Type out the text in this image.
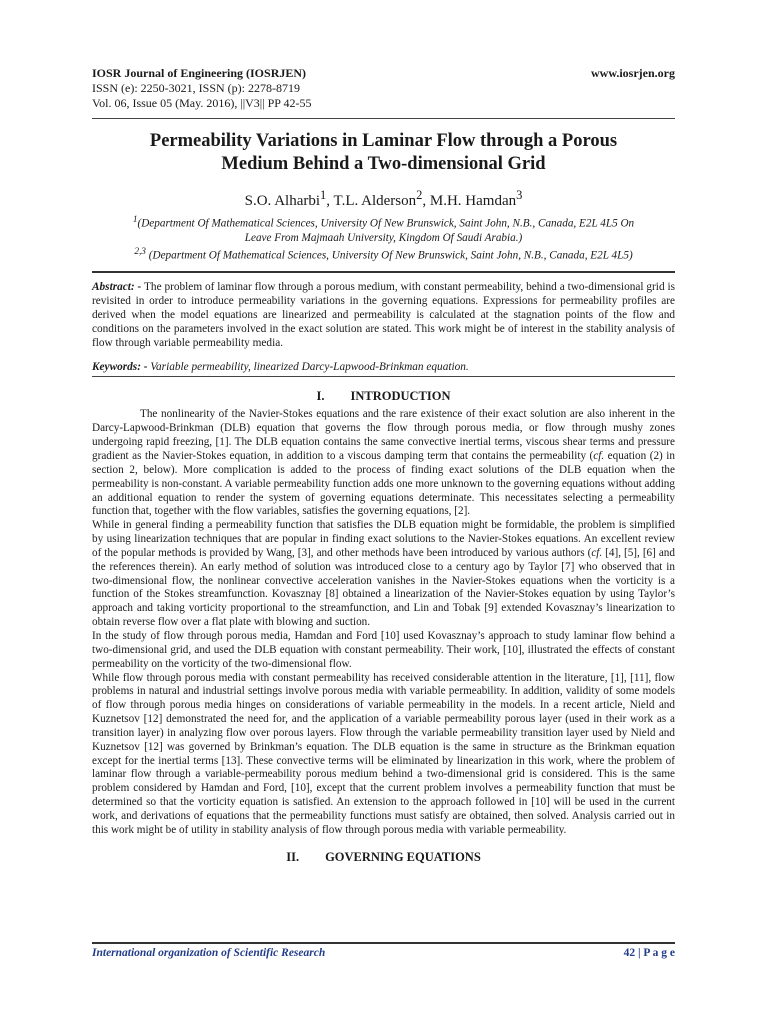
IOSR Journal of Engineering (IOSRJEN)	www.iosrjen.org
ISSN (e): 2250-3021, ISSN (p): 2278-8719
Vol. 06, Issue 05 (May. 2016), ||V3|| PP 42-55
Permeability Variations in Laminar Flow through a Porous
Medium Behind a Two-dimensional Grid
S.O. Alharbi$^1$, T.L. Alderson$^2$, M.H. Hamdan$^3$
$^1$(Department Of Mathematical Sciences, University Of New Brunswick, Saint John, N.B., Canada, E2L 4L5 On
Leave From Majmaah University, Kingdom Of Saudi Arabia.)
$^{2,3}$ (Department Of Mathematical Sciences, University Of New Brunswick, Saint John, N.B., Canada, E2L 4L5)

Abstract: - The problem of laminar flow through a porous medium, with constant permeability, behind a two-dimensional grid is revisited in order to introduce permeability variations in the governing equations. Expressions for permeability profiles are derived when the model equations are linearized and permeability is calculated at the stagnation points of the flow and conditions on the parameters involved in the exact solution are stated. This work might be of interest in the stability analysis of flow through variable permeability media.

Keywords: - Variable permeability, linearized Darcy-Lapwood-Brinkman equation.

I. INTRODUCTION

The nonlinearity of the Navier-Stokes equations and the rare existence of their exact solution are also inherent in the Darcy-Lapwood-Brinkman (DLB) equation that governs the flow through porous media, or flow through mushy zones undergoing rapid freezing, [1]. The DLB equation contains the same convective inertial terms, viscous shear terms and pressure gradient as the Navier-Stokes equation, in addition to a viscous damping term that contains the permeability (cf. equation (2) in section 2, below). More complication is added to the process of finding exact solutions of the DLB equation when the permeability is non-constant. A variable permeability function adds one more unknown to the governing equations without adding an additional equation to render the system of governing equations determinate. This necessitates selecting a permeability function that, together with the flow variables, satisfies the governing equations, [2].

While in general finding a permeability function that satisfies the DLB equation might be formidable, the problem is simplified by using linearization techniques that are popular in finding exact solutions to the Navier-Stokes equations. An excellent review of the popular methods is provided by Wang, [3], and other methods have been introduced by various authors (cf. [4], [5], [6] and the references therein). An early method of solution was introduced close to a century ago by Taylor [7] who observed that in two-dimensional flow, the nonlinear convective acceleration vanishes in the Navier-Stokes equations when the vorticity is a function of the Stokes streamfunction. Kovasznay [8] obtained a linearization of the Navier-Stokes equation by using Taylor’s approach and taking vorticity proportional to the streamfunction, and Lin and Tobak [9] extended Kovasznay’s linearization to obtain reverse flow over a flat plate with blowing and suction.

In the study of flow through porous media, Hamdan and Ford [10] used Kovasznay’s approach to study laminar flow behind a two-dimensional grid, and used the DLB equation with constant permeability. Their work, [10], illustrated the effects of constant permeability on the vorticity of the two-dimensional flow.

While flow through porous media with constant permeability has received considerable attention in the literature, [1], [11], flow problems in natural and industrial settings involve porous media with variable permeability. In addition, validity of some models of flow through porous media hinges on considerations of variable permeability in the models. In a recent article, Nield and Kuznetsov [12] demonstrated the need for, and the application of a variable permeability porous layer (used in their work as a transition layer) in analyzing flow over porous layers. Flow through the variable permeability transition layer used by Nield and Kuznetsov [12] was governed by Brinkman’s equation. The DLB equation is the same in structure as the Brinkman equation except for the inertial terms [13]. These convective terms will be eliminated by linearization in this work, where the problem of laminar flow through a variable-permeability porous medium behind a two-dimensional grid is considered. This is the same problem considered by Hamdan and Ford, [10], except that the current problem involves a permeability function that must be determined so that the vorticity equation is satisfied. An extension to the approach followed in [10] will be used in the current work, and derivations of equations that the permeability functions must satisfy are obtained, then solved. Analysis carried out in this work might be of utility in stability analysis of flow through porous media with variable permeability.

II. GOVERNING EQUATIONS
International organization of Scientific Research	42 | P a g e
